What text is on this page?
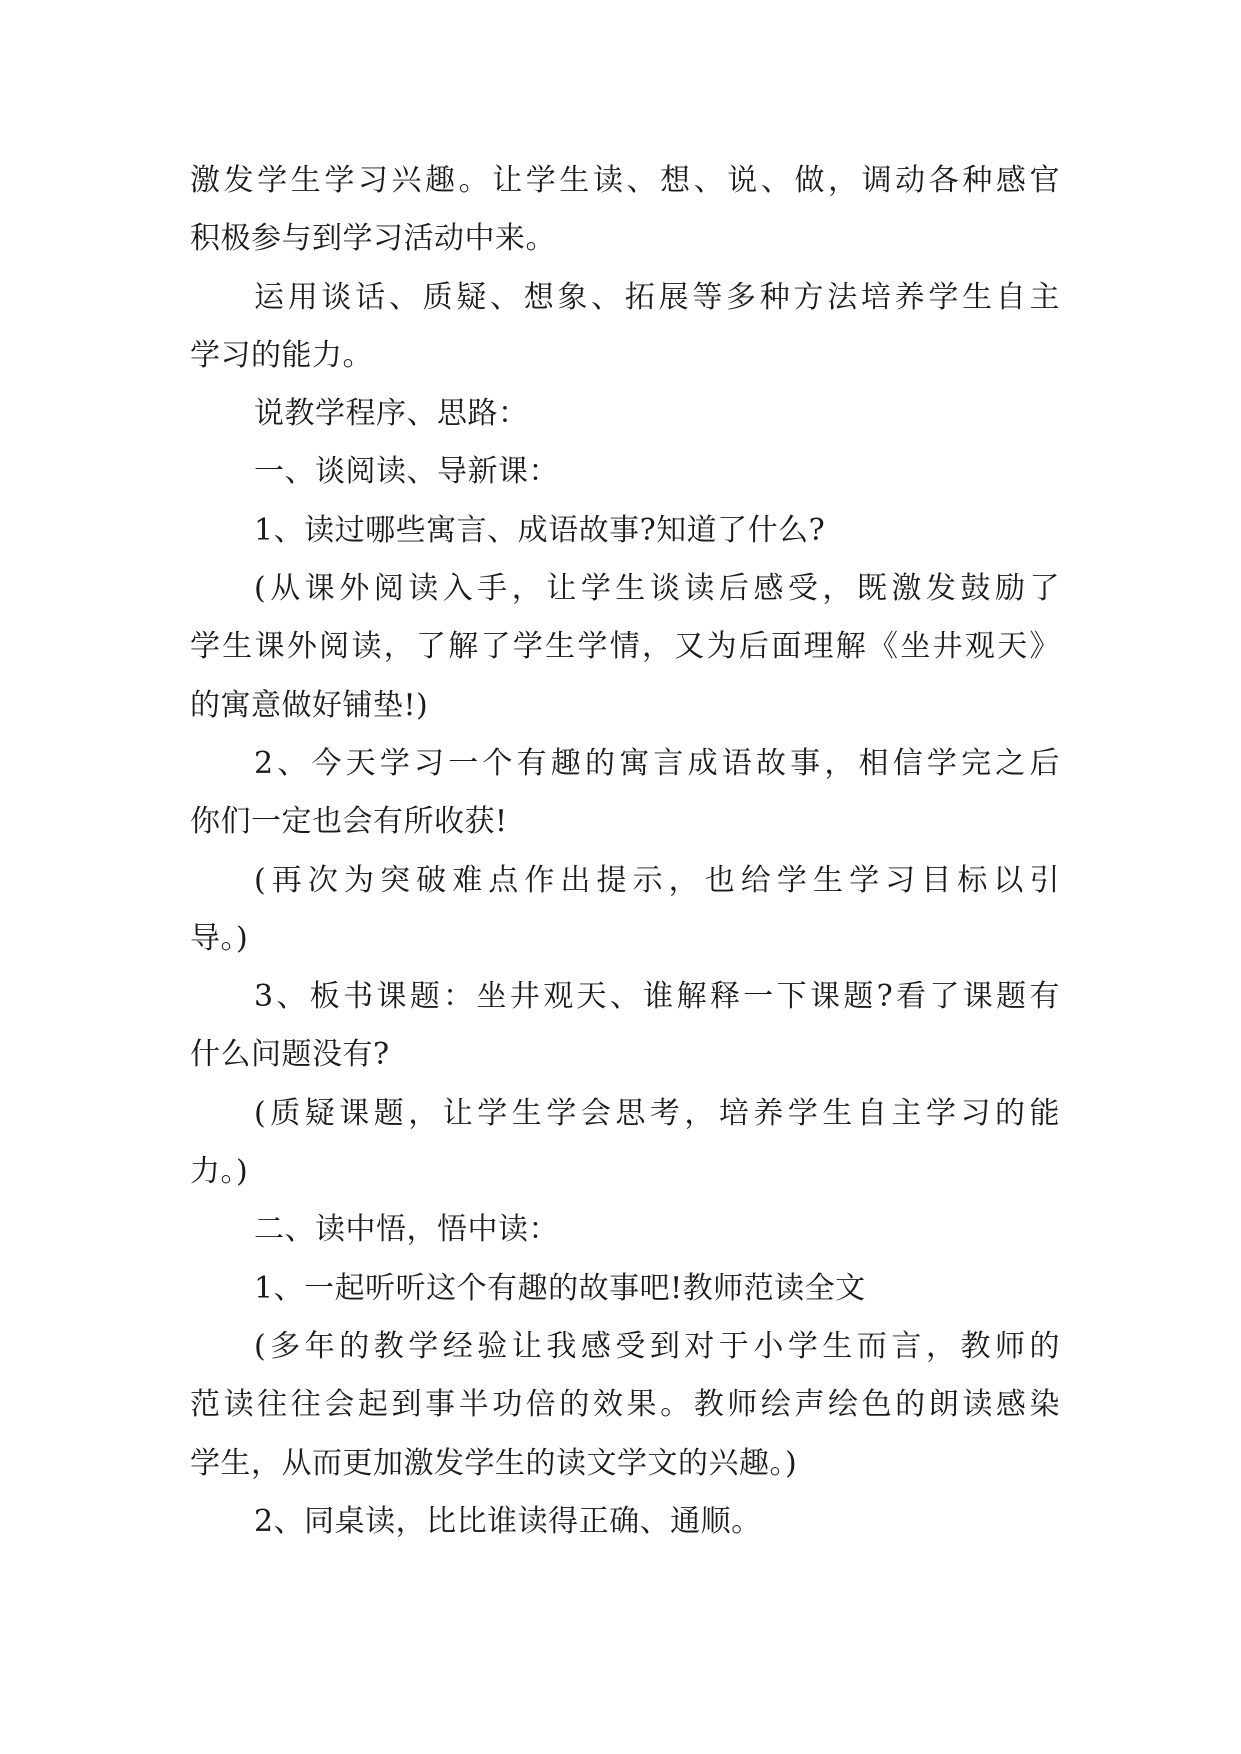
激发学生学习兴趣。让学生读、想、说、做，调动各种感官
积极参与到学习活动中来。
运用谈话、质疑、想象、拓展等多种方法培养学生自主
学习的能力。
说教学程序、思路：
一、谈阅读、导新课：
1、读过哪些寓言、成语故事?知道了什么?
(从课外阅读入手，让学生谈读后感受，既激发鼓励了
学生课外阅读，了解了学生学情，又为后面理解《坐井观天》
的寓意做好铺垫!)
2、今天学习一个有趣的寓言成语故事，相信学完之后
你们一定也会有所收获!
(再次为突破难点作出提示，也给学生学习目标以引
导。)
3、板书课题：坐井观天、谁解释一下课题?看了课题有
什么问题没有?
(质疑课题，让学生学会思考，培养学生自主学习的能
力。)
二、读中悟，悟中读：
1、一起听听这个有趣的故事吧!教师范读全文
(多年的教学经验让我感受到对于小学生而言，教师的
范读往往会起到事半功倍的效果。教师绘声绘色的朗读感染
学生，从而更加激发学生的读文学文的兴趣。)
2、同桌读，比比谁读得正确、通顺。
